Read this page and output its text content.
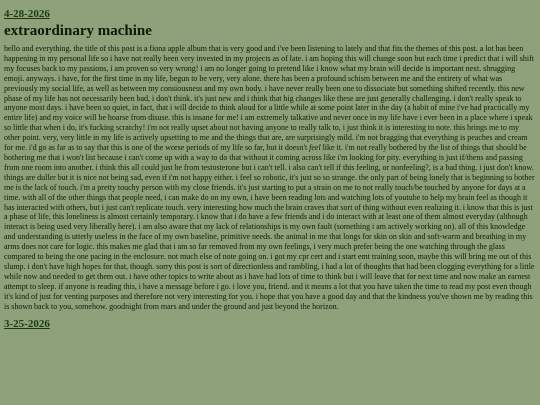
4-28-2026
extraordinary machine

hello and everything. the title of this post is a fiona apple album that is very good and i've been listening to lately and that fits the themes of this post. a lot has been happening in my personal life so i have not really been very invested in my projects as of late. i am hoping this will change soon but each time i predict that i will shift my focuses back to my passions, i am proven so very wrong! i am no longer going to pretend like i know what my brain will decide is important next. shrugging emoji. anyways. i have, for the first time in my life, begun to be very, very alone. there has been a profound schism between me and the entirety of what was previously my social life, as well as between my consiousness and my own body. i have never really been one to dissociate but something shifted recently. this new phase of my life has not necessarily been bad, i don't think. it's just new and i think that big changes like these are just generally challenging. i don't really speak to anyone most days. i have been so quiet, in fact, that i will decide to think aloud for a little while at some point later in the day (a habit of mine i've had practically my entire life) and my voice will be hoarse from disuse. this is insane for me! i am extremely talkative and never once in my life have i ever been in a place where i speak so little that when i do, it's fucking scratchy! i'm not really upset about not having anyone to really talk to, i just think it is interesting to note. this brings me to my other point. very, very little in my life is actively upsetting to me and the things that are, are surprisingly mild. i'm not bragging that everything is peaches and cream for me. i'd go as far as to say that this is one of the worse periods of my life so far, but it doesn't feel like it. i'm not really bothered by the list of things that should be bothering me that i won't list because i can't come up with a way to do that without it coming across like i'm looking for pity. everything is just if/thens and passing from one room into another. i think this all could just be from testosterone but i can't tell. i also can't tell if this feeling, or nonfeeling?, is a bad thing. i just don't know. things are duller but it is nice not being sad, even if i'm not happy either. i feel so robotic, it's just so so strange. the only part of being lonely that is beginning to bother me is the lack of touch. i'm a pretty touchy person with my close friends. it's just starting to put a strain on me to not really touch/be touched by anyone for days at a time. with all of the other things that people need, i can make do on my own, i have been reading lots and watching lots of youtube to help my brain feel as though it has interacted with others, but i just can't replicate touch. very interesting how much the brain craves that sort of thing without even realizing it. i know that this is just a phase of life, this loneliness is almost certainly temporary. i know that i do have a few friends and i do interact with at least one of them almost everyday (although interact is being used very liberally here). i am also aware that my lack of relationships is my own fault (something i am actively working on). all of this knowledge and understanding is utterly useless in the face of my own baseline, primitive needs. the animal in me that longs for skin on skin and soft-warm and breathing in my arms does not care for logic. this makes me glad that i am so far removed from my own feelings, i very much prefer being the one watching through the glass compared to being the one pacing in the enclosure. not much else of note going on. i got my cpr cert and i start emt training soon, maybe this will bring me out of this slump. i don't have high hopes for that, though. sorry this post is sort of directionless and rambling, i had a lot of thoughts that had been clogging everything for a little while now and needed to get them out. i have other topics to write about as i have had lots of time to think but i will leave that for next time and now make an earnest attempt to sleep. if anyone is reading this, i have a message before i go. i love you, friend. and it means a lot that you have taken the time to read my post even though it's kind of just for venting purposes and therefore not very interesting for you. i hope that you have a good day and that the kindness you've shown me by reading this is shown back to you, somehow. goodnight from mars and under the ground and just beyond the horizon.

3-25-2026
